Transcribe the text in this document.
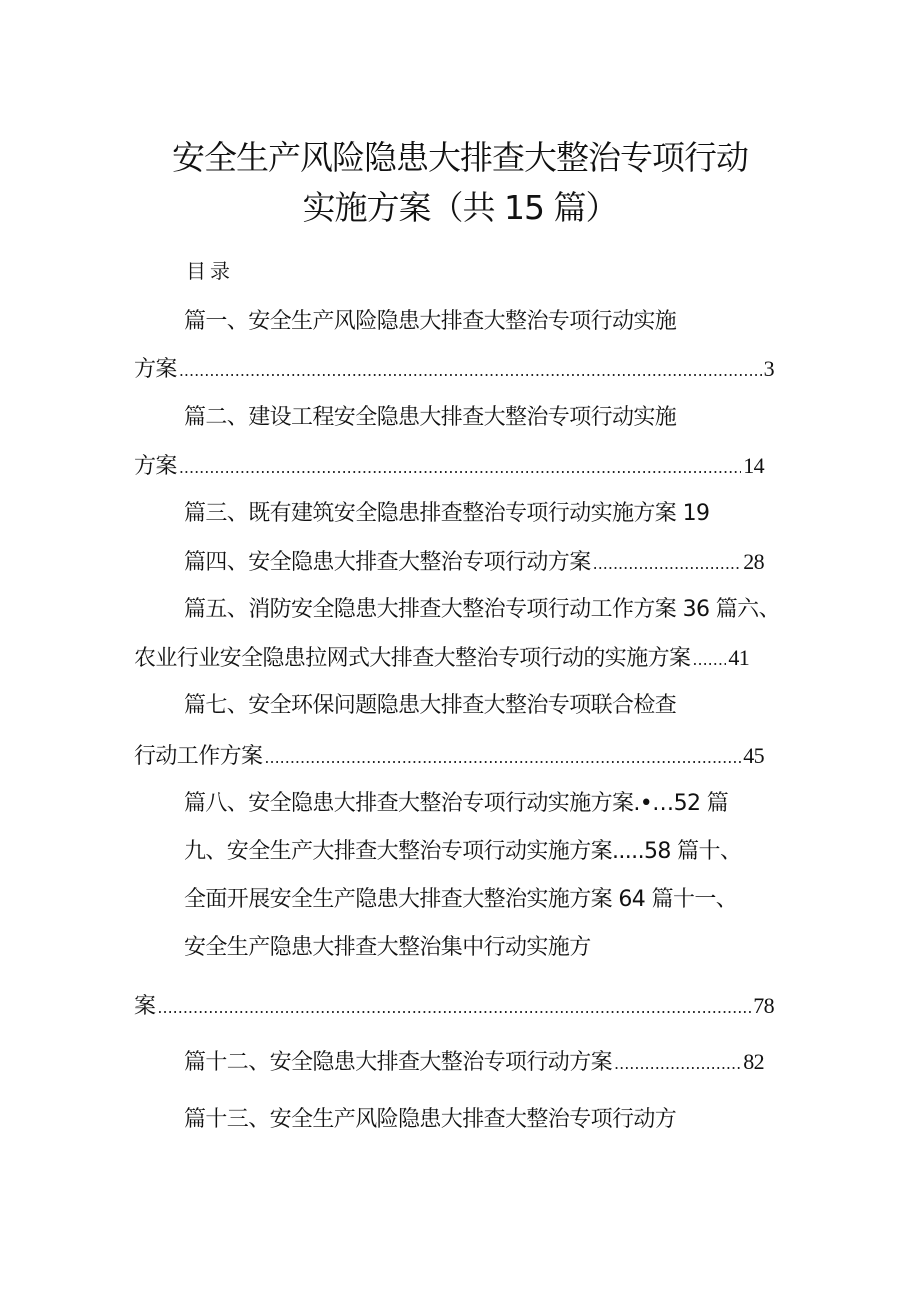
安全生产风险隐患大排查大整治专项行动
实施方案（共 15 篇）
目录
篇一、安全生产风险隐患大排查大整治专项行动实施
方案 .....	3
篇二、建设工程安全隐患大排查大整治专项行动实施
方案 .....	14
篇三、既有建筑安全隐患排查整治专项行动实施方案 19
篇四、安全隐患大排查大整治专项行动方案 .....	28
篇五、消防安全隐患大排查大整治专项行动工作方案 36 篇六、
农业行业安全隐患拉网式大排查大整治专项行动的实施方案 ..... 41
篇七、安全环保问题隐患大排查大整治专项联合检查
行动工作方案 .....	45
篇八、安全隐患大排查大整治专项行动实施方案.•…52 篇
九、安全生产大排查大整治专项行动实施方案.....58 篇十、
全面开展安全生产隐患大排查大整治实施方案 64 篇十一、
安全生产隐患大排查大整治集中行动实施方
案 .....	78
篇十二、安全隐患大排查大整治专项行动方案 .....	82
篇十三、安全生产风险隐患大排查大整治专项行动方
